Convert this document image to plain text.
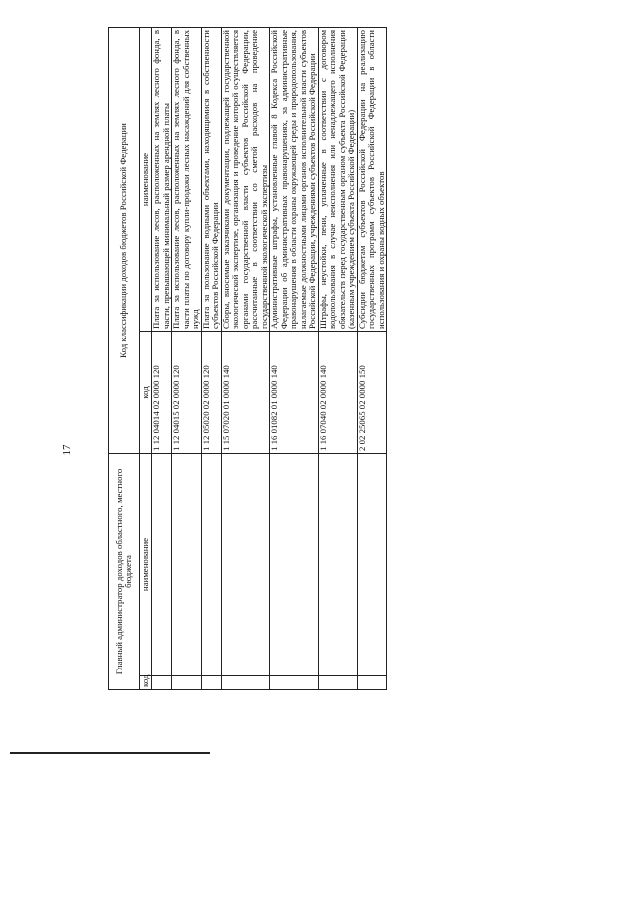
17
Главный администратор доходов областного, местного бюджета		Код классификации доходов бюджетов Российской Федерации	
код	наименование	код	наименование
		1 12 04014 02 0000 120	Плата за использование лесов, расположенных на землях лесного фонда, в части, превышающей минимальный размер арендной платы
		1 12 04015 02 0000 120	Плата за использование лесов, расположенных на землях лесного фонда, в части платы по договору купли-продажи лесных насаждений для собственных нужд
		1 12 05020 02 0000 120	Плата за пользование водными объектами, находящимися в собственности субъектов Российской Федерации
		1 15 07020 01 0000 140	Сборы, вносимые заказчиками документации, подлежащей государственной экологической экспертизе, организация и проведение которой осуществляется органами государственной власти субъектов Российской Федерации, рассчитанные в соответствии со сметой расходов на проведение государственной экологической экспертизы
		1 16 01082 01 0000 140	Административные штрафы, установленные главой 8 Кодекса Российской Федерации об административных правонарушениях, за административные правонарушения в области охраны окружающей среды и природопользования, налагаемые должностными лицами органов исполнительной власти субъектов Российской Федерации, учреждениями субъектов Российской Федерации
		1 16 07040 02 0000 140	Штрафы, неустойки, пени, уплаченные в соответствии с договором водопользования в случае неисполнения или ненадлежащего исполнения обязательств перед государственным органом субъекта Российской Федерации (казенным учреждением субъекта Российской Федерации)
		2 02 25065 02 0000 150	Субсидии бюджетам субъектов Российской Федерации на реализацию государственных программ субъектов Российской Федерации в области использования и охраны водных объектов
